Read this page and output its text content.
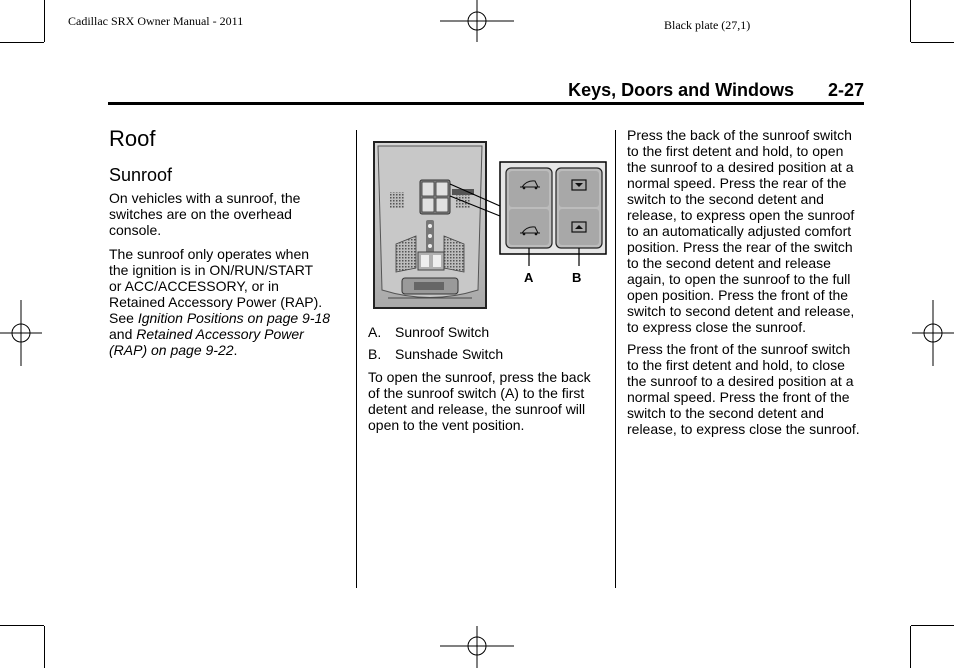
Cadillac SRX Owner Manual - 2011	Black plate (27,1)
Keys, Doors and Windows 2-27
Roof
Sunroof

On vehicles with a sunroof, the switches are on the overhead console.

The sunroof only operates when
the ignition is in ON/RUN/START
or ACC/ACCESSORY, or in
Retained Accessory Power (RAP).
See Ignition Positions on page 9-18
and Retained Accessory Power
(RAP) on page 9-22.

A	B
A. Sunroof Switch
B. Sunshade Switch

To open the sunroof, press the back of the sunroof switch (A) to the first detent and release, the sunroof will open to the vent position.

Press the back of the sunroof switch to the first detent and hold, to open the sunroof to a desired position at a normal speed. Press the rear of the switch to the second detent and release, to express open the sunroof to an automatically adjusted comfort position. Press the rear of the switch to the second detent and release again, to open the sunroof to the full open position. Press the front of the switch to second detent and release, to express close the sunroof.

Press the front of the sunroof switch to the first detent and hold, to close the sunroof to a desired position at a normal speed. Press the front of the switch to the second detent and release, to express close the sunroof.
